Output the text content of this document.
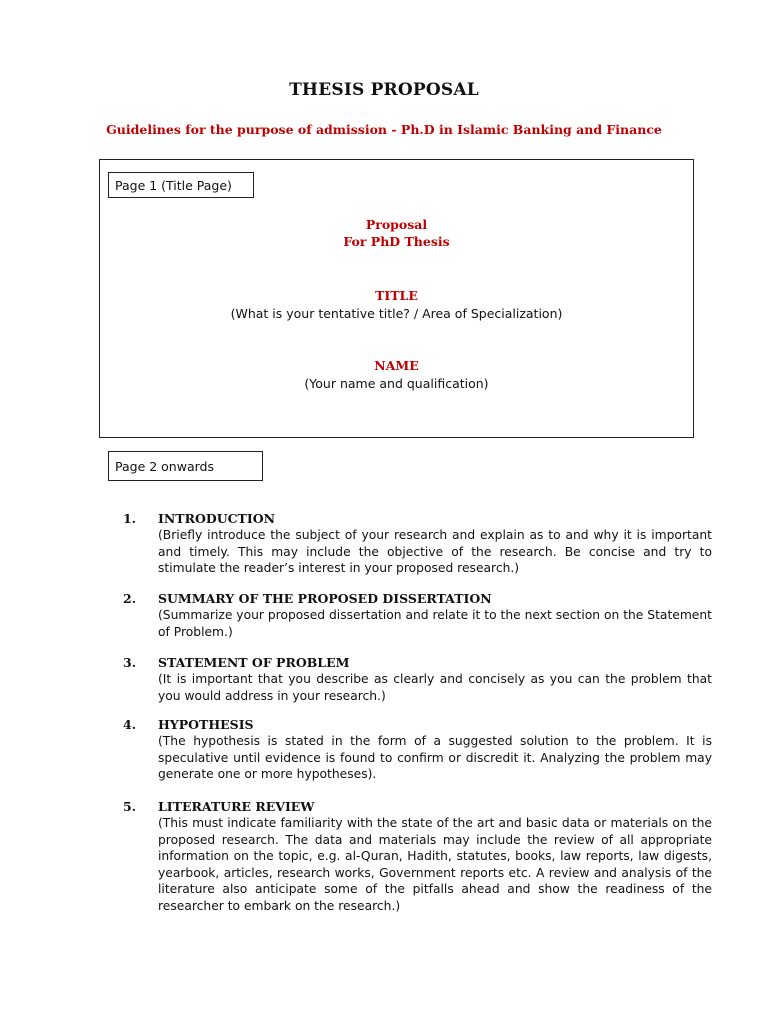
THESIS PROPOSAL
Guidelines for the purpose of admission - Ph.D in Islamic Banking and Finance
Page 1 (Title Page)
Proposal
For PhD Thesis
TITLE
(What is your tentative title? / Area of Specialization)
NAME
(Your name and qualification)
Page 2 onwards
1. INTRODUCTION
(Briefly introduce the subject of your research and explain as to and why it is important and timely. This may include the objective of the research. Be concise and try to stimulate the reader’s interest in your proposed research.)
2. SUMMARY OF THE PROPOSED DISSERTATION
(Summarize your proposed dissertation and relate it to the next section on the Statement of Problem.)
3. STATEMENT OF PROBLEM
(It is important that you describe as clearly and concisely as you can the problem that you would address in your research.)
4. HYPOTHESIS
(The hypothesis is stated in the form of a suggested solution to the problem. It is speculative until evidence is found to confirm or discredit it. Analyzing the problem may generate one or more hypotheses).
5. LITERATURE REVIEW
(This must indicate familiarity with the state of the art and basic data or materials on the proposed research. The data and materials may include the review of all appropriate information on the topic, e.g. al-Quran, Hadith, statutes, books, law reports, law digests, yearbook, articles, research works, Government reports etc. A review and analysis of the literature also anticipate some of the pitfalls ahead and show the readiness of the researcher to embark on the research.)
